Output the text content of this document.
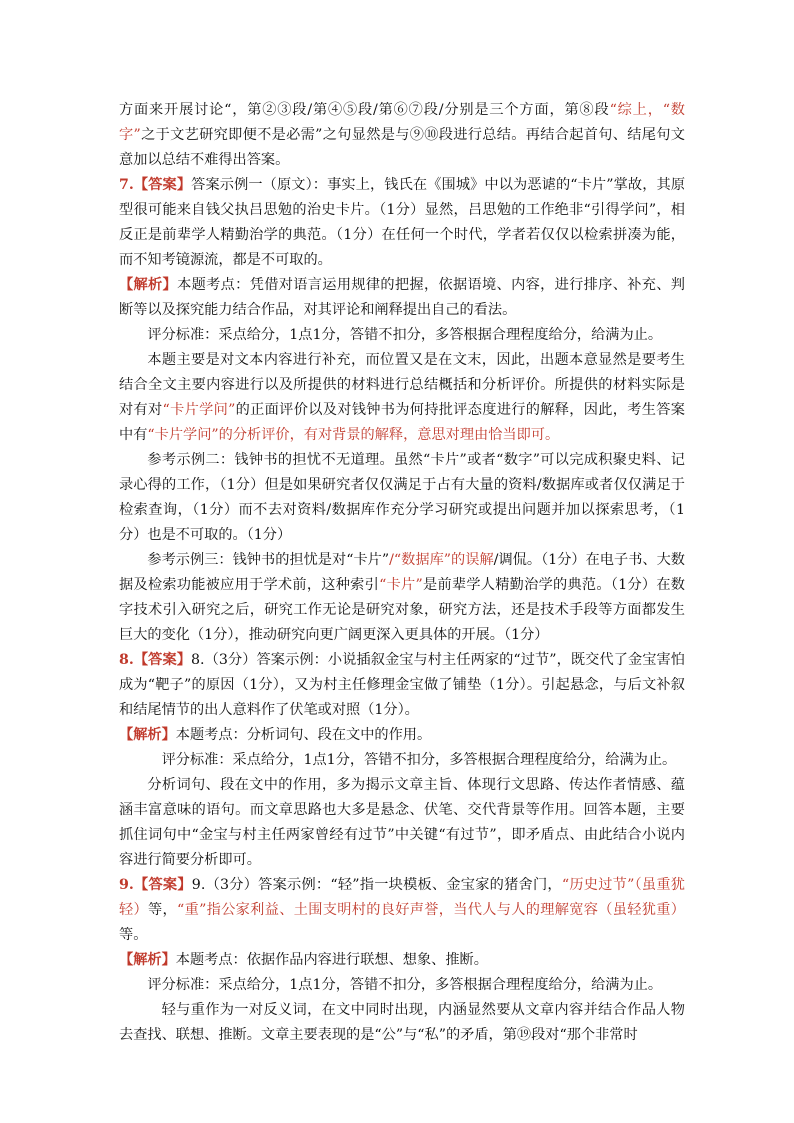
方面来开展讨论“，第②③段/第④⑤段/第⑥⑦段/分别是三个方面，第⑧段“综上，“数字”之于文艺研究即便不是必需”之句显然是与⑨⑩段进行总结。再结合起首句、结尾句文意加以总结不难得出答案。

7.【答案】答案示例一（原文）：事实上，钱氏在《围城》中以为恶谑的“卡片”掌故，其原型很可能来自钱父执吕思勉的治史卡片。（1分）显然，吕思勉的工作绝非“引得学问”，相反正是前辈学人精勤治学的典范。（1分）在任何一个时代，学者若仅仅以检索拼凑为能，而不知考镜源流，都是不可取的。

【解析】本题考点：凭借对语言运用规律的把握，依据语境、内容，进行排序、补充、判断等以及探究能力结合作品，对其评论和阐释提出自己的看法。

评分标准：采点给分，1点1分，答错不扣分，多答根据合理程度给分，给满为止。

本题主要是对文本内容进行补充，而位置又是在文末，因此，出题本意显然是要考生结合全文主要内容进行以及所提供的材料进行总结概括和分析评价。所提供的材料实际是对有对“卡片学问”的正面评价以及对钱钟书为何持批评态度进行的解释，因此，考生答案中有“卡片学问”的分析评价，有对背景的解释，意思对理由恰当即可。

参考示例二：钱钟书的担忧不无道理。虽然“卡片”或者“数字”可以完成积聚史料、记录心得的工作，（1分）但是如果研究者仅仅满足于占有大量的资料/数据库或者仅仅满足于检索查询，（1分）而不去对资料/数据库作充分学习研究或提出问题并加以探索思考，（1分）也是不可取的。（1分）

参考示例三：钱钟书的担忧是对“卡片”/“数据库”的误解/调侃。（1分）在电子书、大数据及检索功能被应用于学术前，这种索引“卡片”是前辈学人精勤治学的典范。（1分）在数字技术引入研究之后，研究工作无论是研究对象，研究方法，还是技术手段等方面都发生巨大的变化（1分），推动研究向更广阔更深入更具体的开展。（1分）

8.【答案】8.（3分）答案示例：小说插叙金宝与村主任两家的“过节”，既交代了金宝害怕成为“靶子”的原因（1分），又为村主任修理金宝做了铺垫（1分）。引起悬念，与后文补叙和结尾情节的出人意料作了伏笔或对照（1分）。

【解析】本题考点：分析词句、段在文中的作用。

评分标准：采点给分，1点1分，答错不扣分，多答根据合理程度给分，给满为止。

分析词句、段在文中的作用，多为揭示文章主旨、体现行文思路、传达作者情感、蕴涵丰富意味的语句。而文章思路也大多是悬念、伏笔、交代背景等作用。回答本题，主要抓住词句中“金宝与村主任两家曾经有过节”中关键“有过节”，即矛盾点、由此结合小说内容进行简要分析即可。

9.【答案】9.（3分）答案示例：“轻”指一块模板、金宝家的猪舍门，“历史过节”（虽重犹轻）等，“重”指公家利益、土围支明村的良好声誉，当代人与人的理解宽容（虽轻犹重）等。

【解析】本题考点：依据作品内容进行联想、想象、推断。

评分标准：采点给分，1点1分，答错不扣分，多答根据合理程度给分，给满为止。

轻与重作为一对反义词，在文中同时出现，内涵显然要从文章内容并结合作品人物去查找、联想、推断。文章主要表现的是“公”与“私”的矛盾，第⑲段对“那个非常时
